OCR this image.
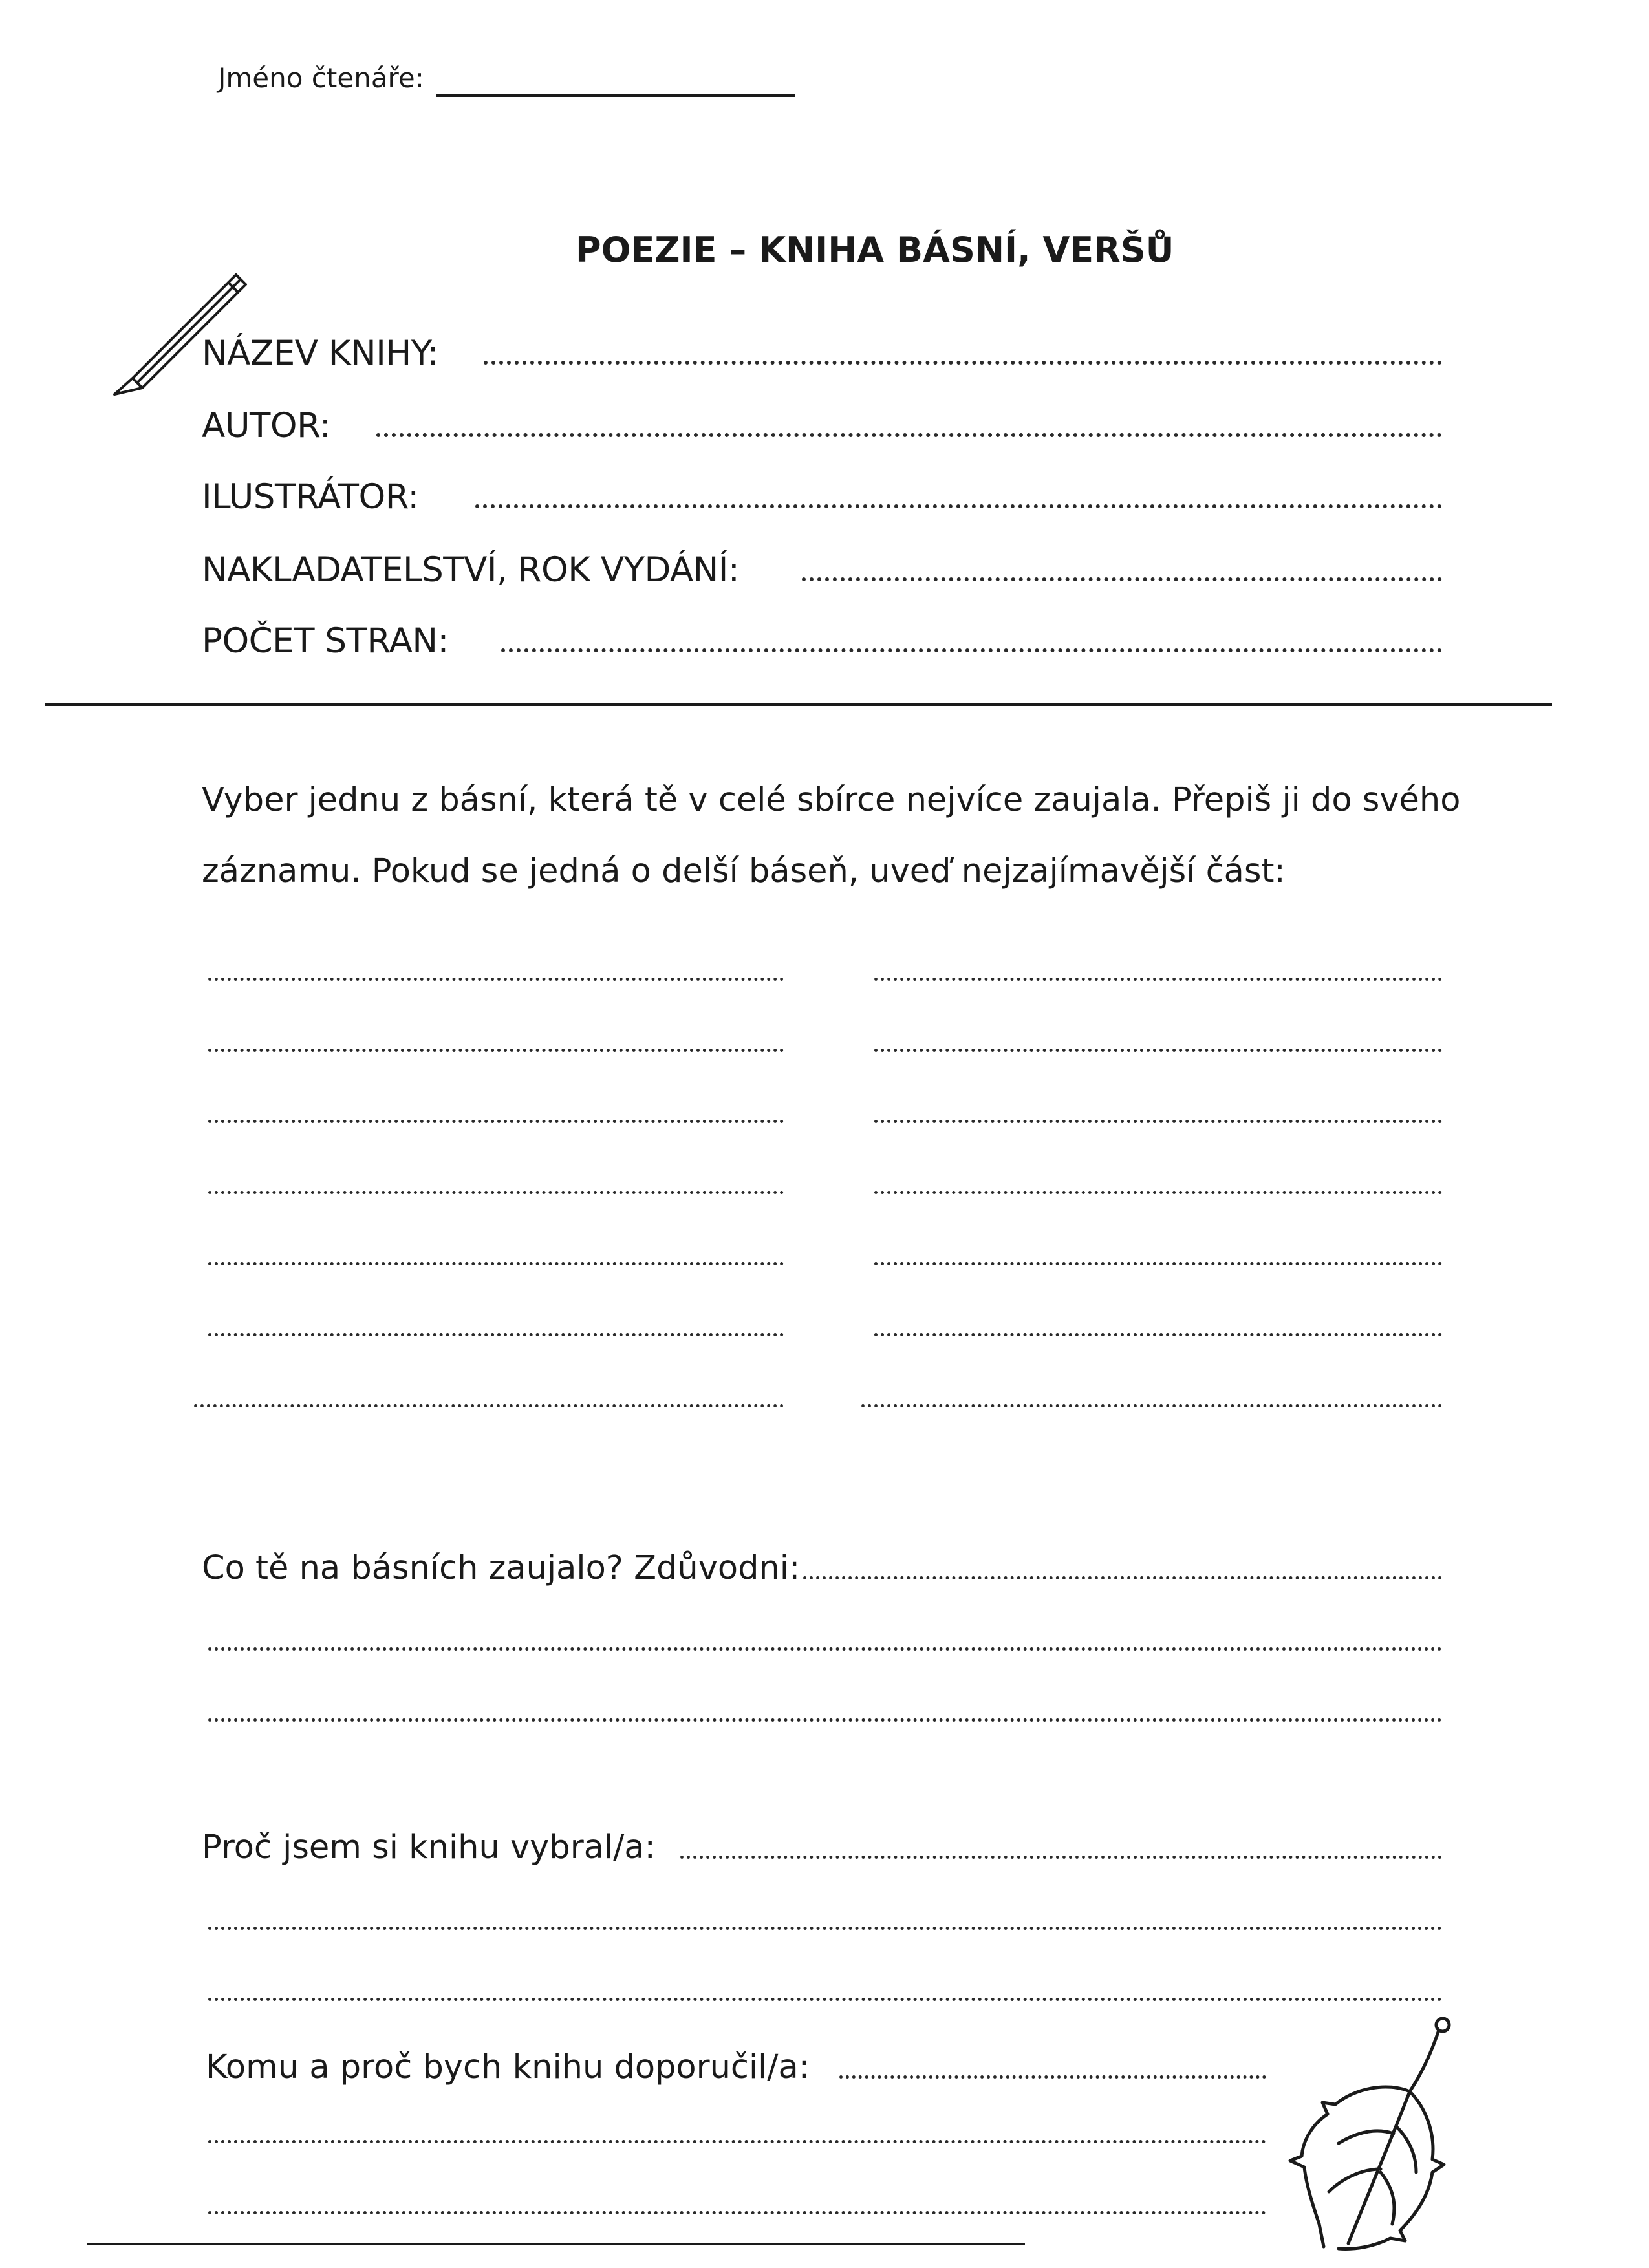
Jméno čtenáře:
POEZIE – KNIHA BÁSNÍ, VERŠŮ
NÁZEV KNIHY:
AUTOR:
ILUSTRÁTOR:
NAKLADATELSTVÍ, ROK VYDÁNÍ:
POČET STRAN:
Vyber jednu z básní, která tě v celé sbírce nejvíce zaujala. Přepiš ji do svého
záznamu. Pokud se jedná o delší báseň, uveď nejzajímavější část:
Co tě na básních zaujalo? Zdůvodni:
Proč jsem si knihu vybral/a:
Komu a proč bych knihu doporučil/a:
